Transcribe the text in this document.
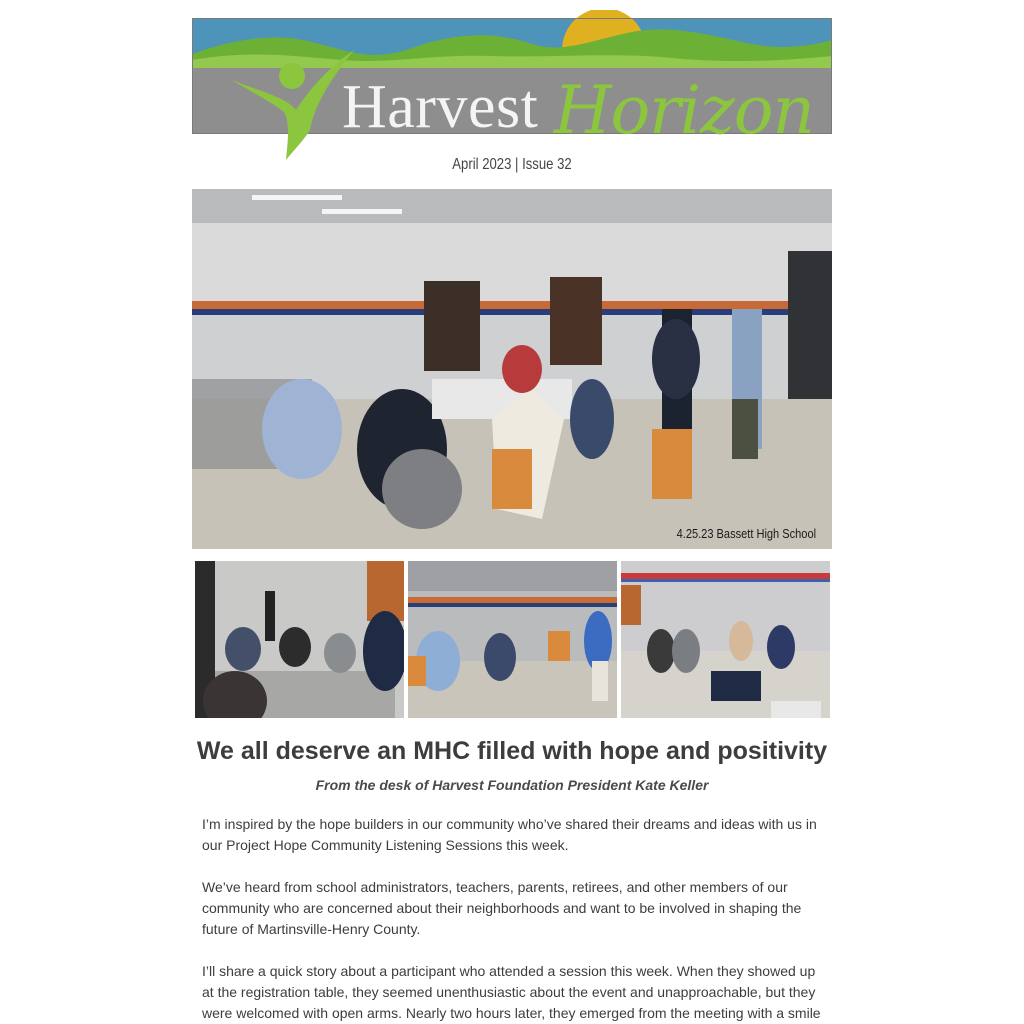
Harvest Horizon
April 2023 | Issue 32
4.25.23 Bassett High School
We all deserve an MHC filled with hope and positivity
From the desk of Harvest Foundation President Kate Keller

I’m inspired by the hope builders in our community who’ve shared their dreams and ideas with us in our Project Hope Community Listening Sessions this week.

We’ve heard from school administrators, teachers, parents, retirees, and other members of our community who are concerned about their neighborhoods and want to be involved in shaping the future of Martinsville-Henry County.

I’ll share a quick story about a participant who attended a session this week. When they showed up at the registration table, they seemed unenthusiastic about the event and unapproachable, but they were welcomed with open arms. Nearly two hours later, they emerged from the meeting with a smile
